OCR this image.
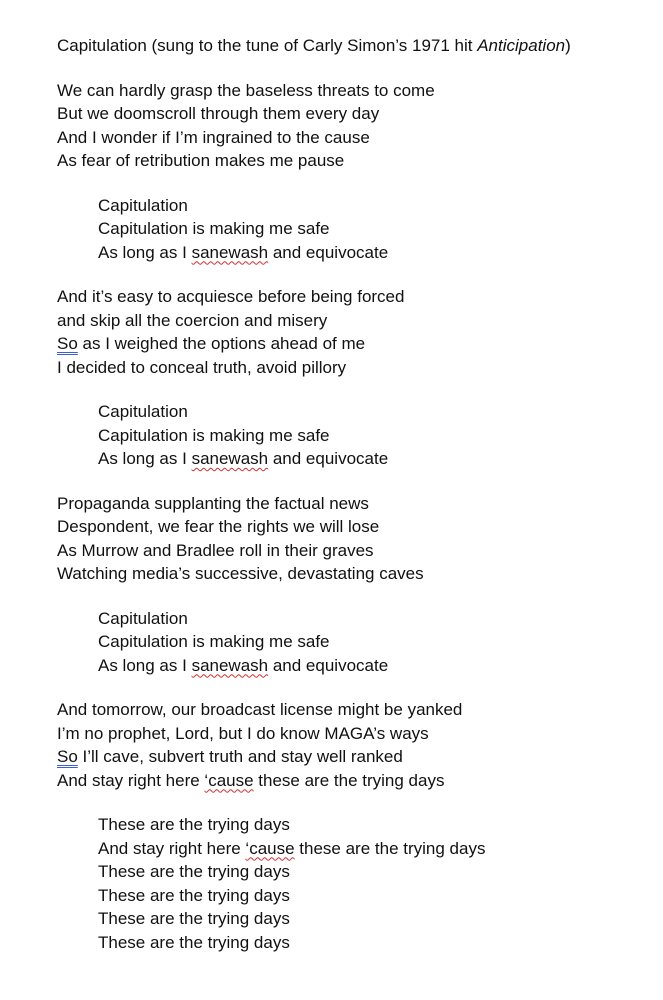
Capitulation (sung to the tune of Carly Simon’s 1971 hit Anticipation)
We can hardly grasp the baseless threats to come
But we doomscroll through them every day
And I wonder if I’m ingrained to the cause
As fear of retribution makes me pause
Capitulation
Capitulation is making me safe
As long as I sanewash and equivocate
And it’s easy to acquiesce before being forced
and skip all the coercion and misery
So as I weighed the options ahead of me
I decided to conceal truth, avoid pillory
Capitulation
Capitulation is making me safe
As long as I sanewash and equivocate
Propaganda supplanting the factual news
Despondent, we fear the rights we will lose
As Murrow and Bradlee roll in their graves
Watching media’s successive, devastating caves
Capitulation
Capitulation is making me safe
As long as I sanewash and equivocate
And tomorrow, our broadcast license might be yanked
I’m no prophet, Lord, but I do know MAGA’s ways
So I’ll cave, subvert truth and stay well ranked
And stay right here ‘cause these are the trying days
These are the trying days
And stay right here ‘cause these are the trying days
These are the trying days
These are the trying days
These are the trying days
These are the trying days
